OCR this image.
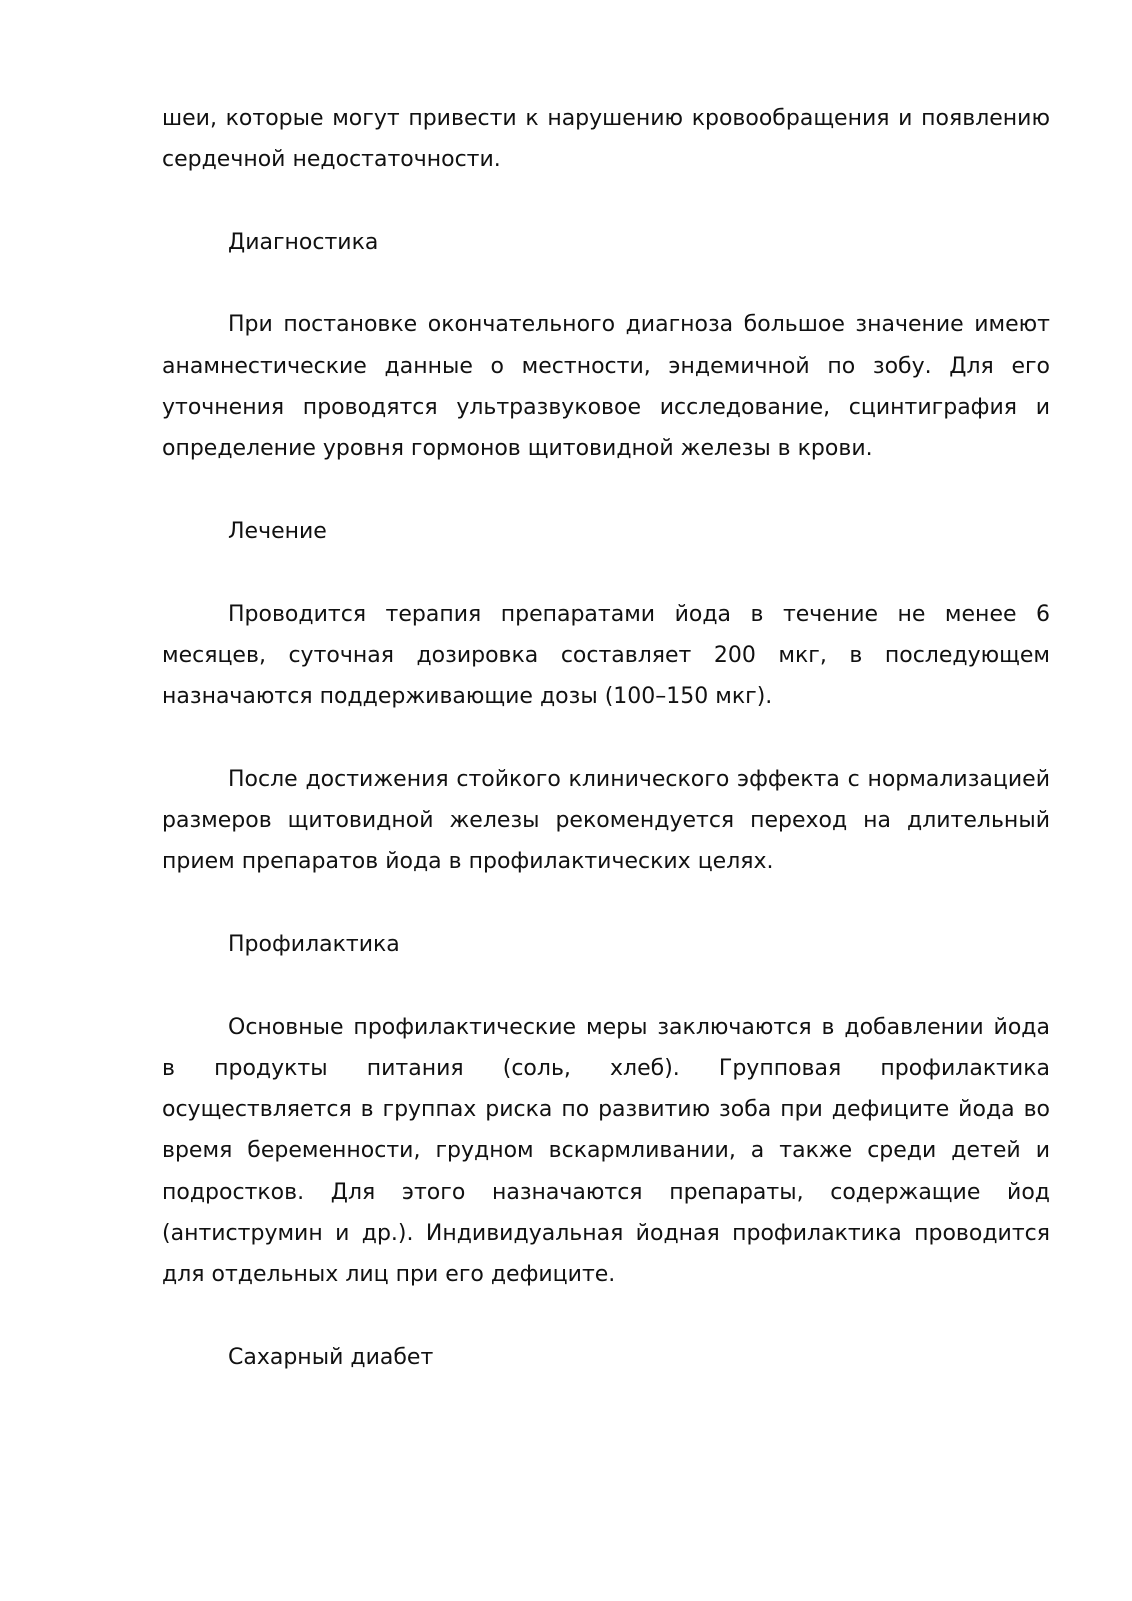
шеи, которые могут привести к нарушению кровообращения и появлению сердечной недостаточности.

Диагностика

При постановке окончательного диагноза большое значение имеют анамнестические данные о местности, эндемичной по зобу. Для его уточнения проводятся ультразвуковое исследование, сцинтиграфия и определение уровня гормонов щитовидной железы в крови.

Лечение

Проводится терапия препаратами йода в течение не менее 6 месяцев, суточная дозировка составляет 200 мкг, в последующем назначаются поддерживающие дозы (100–150 мкг).

После достижения стойкого клинического эффекта с нормализацией размеров щитовидной железы рекомендуется переход на длительный прием препаратов йода в профилактических целях.

Профилактика

Основные профилактические меры заключаются в добавлении йода в продукты питания (соль, хлеб). Групповая профилактика осуществляется в группах риска по развитию зоба при дефиците йода во время беременности, грудном вскармливании, а также среди детей и подростков. Для этого назначаются препараты, содержащие йод (антиструмин и др.). Индивидуальная йодная профилактика проводится для отдельных лиц при его дефиците.

Сахарный диабет
